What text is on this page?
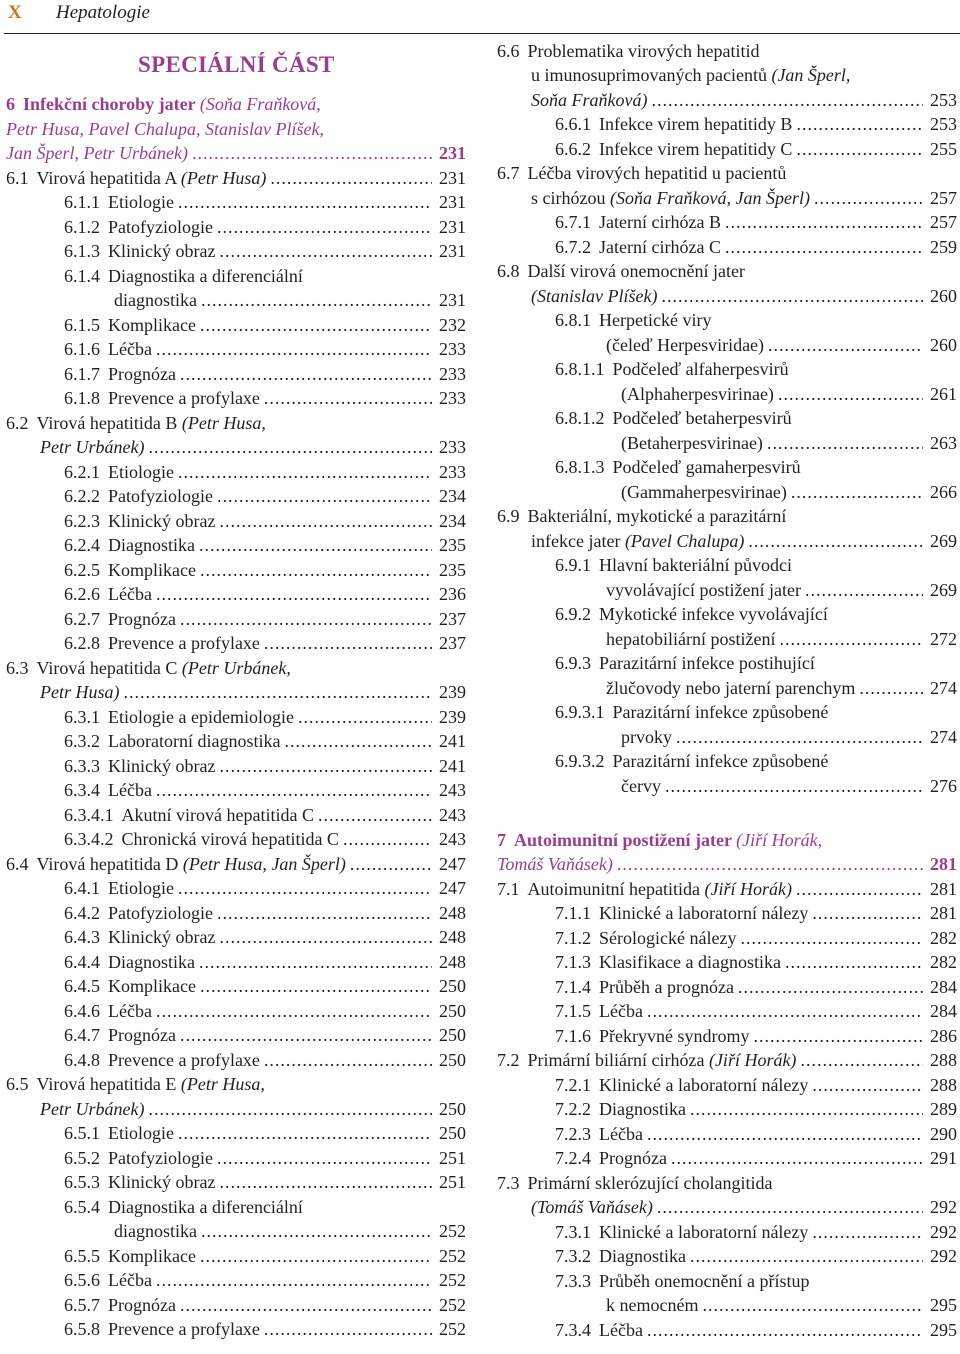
X Hepatologie
SPECIÁLNÍ ČÁST
6 Infekční choroby jater (Soňa Fraňková,
Petr Husa, Pavel Chalupa, Stanislav Plíšek,
Jan Šperl, Petr Urbánek) .....	231
6.1 Virová hepatitida A (Petr Husa) .....	231
6.1.1 Etiologie .....	231
6.1.2 Patofyziologie .....	231
6.1.3 Klinický obraz .....	231
6.1.4 Diagnostika a diferenciální
diagnostika .....	231
6.1.5 Komplikace .....	232
6.1.6 Léčba .....	233
6.1.7 Prognóza .....	233
6.1.8 Prevence a profylaxe .....	233
6.2 Virová hepatitida B (Petr Husa,
Petr Urbánek) .....	233
6.2.1 Etiologie .....	233
6.2.2 Patofyziologie .....	234
6.2.3 Klinický obraz .....	234
6.2.4 Diagnostika .....	235
6.2.5 Komplikace .....	235
6.2.6 Léčba .....	236
6.2.7 Prognóza .....	237
6.2.8 Prevence a profylaxe .....	237
6.3 Virová hepatitida C (Petr Urbánek,
Petr Husa) .....	239
6.3.1 Etiologie a epidemiologie .....	239
6.3.2 Laboratorní diagnostika .....	241
6.3.3 Klinický obraz .....	241
6.3.4 Léčba .....	243
6.3.4.1 Akutní virová hepatitida C .....	243
6.3.4.2 Chronická virová hepatitida C .....	243
6.4 Virová hepatitida D (Petr Husa, Jan Šperl) .....	247
6.4.1 Etiologie .....	247
6.4.2 Patofyziologie .....	248
6.4.3 Klinický obraz .....	248
6.4.4 Diagnostika .....	248
6.4.5 Komplikace .....	250
6.4.6 Léčba .....	250
6.4.7 Prognóza .....	250
6.4.8 Prevence a profylaxe .....	250
6.5 Virová hepatitida E (Petr Husa,
Petr Urbánek) .....	250
6.5.1 Etiologie .....	250
6.5.2 Patofyziologie .....	251
6.5.3 Klinický obraz .....	251
6.5.4 Diagnostika a diferenciální
diagnostika .....	252
6.5.5 Komplikace .....	252
6.5.6 Léčba .....	252
6.5.7 Prognóza .....	252
6.5.8 Prevence a profylaxe .....	252
6.6 Problematika virových hepatitid
u imunosuprimovaných pacientů (Jan Šperl,
Soňa Fraňková) .....	253
6.6.1 Infekce virem hepatitidy B .....	253
6.6.2 Infekce virem hepatitidy C .....	255
6.7 Léčba virových hepatitid u pacientů
s cirhózou (Soňa Fraňková, Jan Šperl) .....	257
6.7.1 Jaterní cirhóza B .....	257
6.7.2 Jaterní cirhóza C .....	259
6.8 Další virová onemocnění jater
(Stanislav Plíšek) .....	260
6.8.1 Herpetické viry
(čeleď Herpesviridae) .....	260
6.8.1.1 Podčeleď alfaherpesvirů
(Alphaherpesvirinae) .....	261
6.8.1.2 Podčeleď betaherpesvirů
(Betaherpesvirinae) .....	263
6.8.1.3 Podčeleď gamaherpesvirů
(Gammaherpesvirinae) .....	266
6.9 Bakteriální, mykotické a parazitární
infekce jater (Pavel Chalupa) .....	269
6.9.1 Hlavní bakteriální původci
vyvolávající postižení jater .....	269
6.9.2 Mykotické infekce vyvolávající
hepatobiliární postižení .....	272
6.9.3 Parazitární infekce postihující
žlučovody nebo jaterní parenchym .....	274
6.9.3.1 Parazitární infekce způsobené
prvoky .....	274
6.9.3.2 Parazitární infekce způsobené
červy .....	276
7 Autoimunitní postižení jater (Jiří Horák,
Tomáš Vaňásek) .....	281
7.1 Autoimunitní hepatitida (Jiří Horák) .....	281
7.1.1 Klinické a laboratorní nálezy .....	281
7.1.2 Sérologické nálezy .....	282
7.1.3 Klasifikace a diagnostika .....	282
7.1.4 Průběh a prognóza .....	284
7.1.5 Léčba .....	284
7.1.6 Překryvné syndromy .....	286
7.2 Primární biliární cirhóza (Jiří Horák) .....	288
7.2.1 Klinické a laboratorní nálezy .....	288
7.2.2 Diagnostika .....	289
7.2.3 Léčba .....	290
7.2.4 Prognóza .....	291
7.3 Primární sklerózující cholangitida
(Tomáš Vaňásek) .....	292
7.3.1 Klinické a laboratorní nálezy .....	292
7.3.2 Diagnostika .....	292
7.3.3 Průběh onemocnění a přístup
k nemocném .....	295
7.3.4 Léčba .....	295
